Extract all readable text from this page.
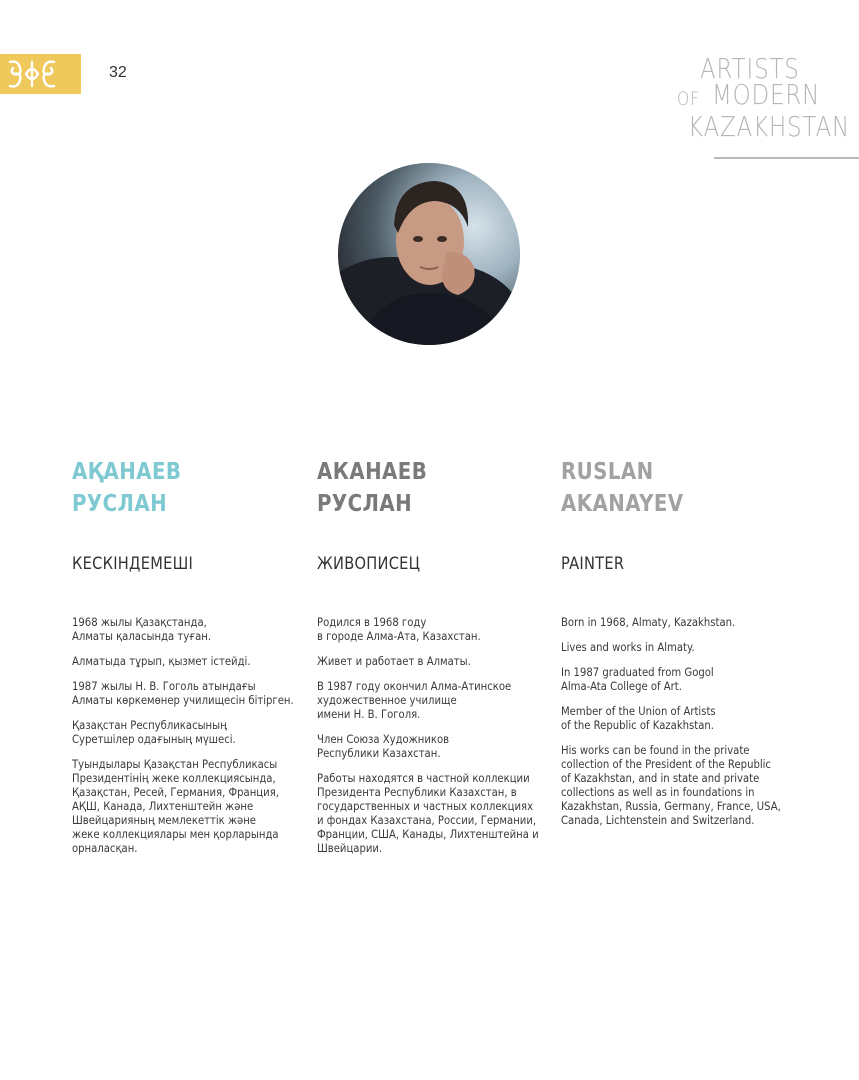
32	ARTISTS
OF MODERN
KAZAKHSTAN
АҚАНАЕВ
РУСЛАН
КЕСКІНДЕМЕШІ

1968 жылы Қазақстанда,
Алматы қаласында туған.

Алматыда тұрып, қызмет істейді.

1987 жылы Н. В. Гоголь атындағы
Алматы көркемөнер училищесін бітірген.

Қазақстан Республикасының
Суретшілер одағының мүшесі.

Туындылары Қазақстан Республикасы
Президентінің жеке коллекциясында,
Қазақстан, Ресей, Германия, Франция,
АҚШ, Канада, Лихтенштейн және
Швейцарияның мемлекеттік және
жеке коллекциялары мен қорларында
орналасқан.

АКАНАЕВ
РУСЛАН
ЖИВОПИСЕЦ

Родился в 1968 году
в городе Алма-Ата, Казахстан.

Живет и работает в Алматы.

В 1987 году окончил Алма-Атинское
художественное училище
имени Н. В. Гоголя.

Член Союза Художников
Республики Казахстан.

Работы находятся в частной коллекции
Президента Республики Казахстан, в
государственных и частных коллекциях
и фондах Казахстана, России, Германии,
Франции, США, Канады, Лихтенштейна и
Швейцарии.

RUSLAN
AKANAYEV
PAINTER

Born in 1968, Almaty, Kazakhstan.

Lives and works in Almaty.

In 1987 graduated from Gogol
Alma-Ata College of Art.

Member of the Union of Artists
of the Republic of Kazakhstan.

His works can be found in the private
collection of the President of the Republic
of Kazakhstan, and in state and private
collections as well as in foundations in
Kazakhstan, Russia, Germany, France, USA,
Canada, Lichtenstein and Switzerland.
